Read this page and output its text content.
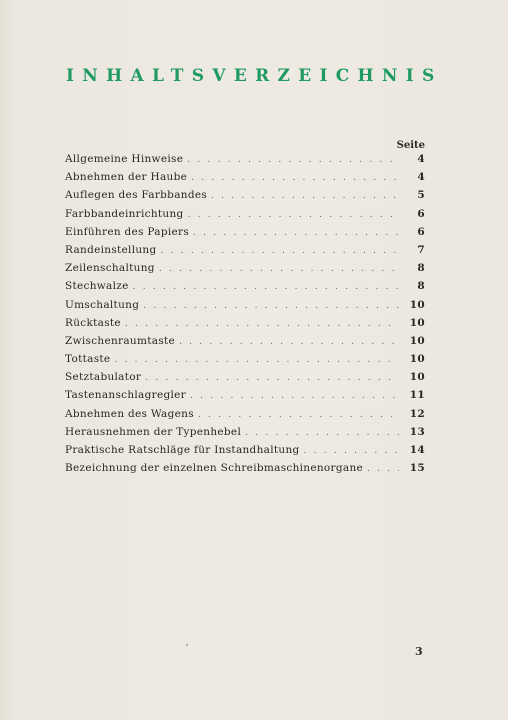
INHALTSVERZEICHNIS
Seite
Allgemeine Hinweise . . .	4
Abnehmen der Haube . . .	4
Auflegen des Farbbandes . . .	5
Farbbandeinrichtung . . .	6
Einführen des Papiers . . .	6
Randeinstellung . . .	7
Zeilenschaltung . . .	8
Stechwalze . . .	8
Umschaltung . . .	10
Rücktaste . . .	10
Zwischenraumtaste . . .	10
Tottaste . . .	10
Setztabulator . . .	10
Tastenanschlagregler . . .	11
Abnehmen des Wagens . . .	12
Herausnehmen der Typenhebel . . .	13
Praktische Ratschläge für Instandhaltung . . .	14
Bezeichnung der einzelnen Schreibmaschinenorgane . . .	15
3
